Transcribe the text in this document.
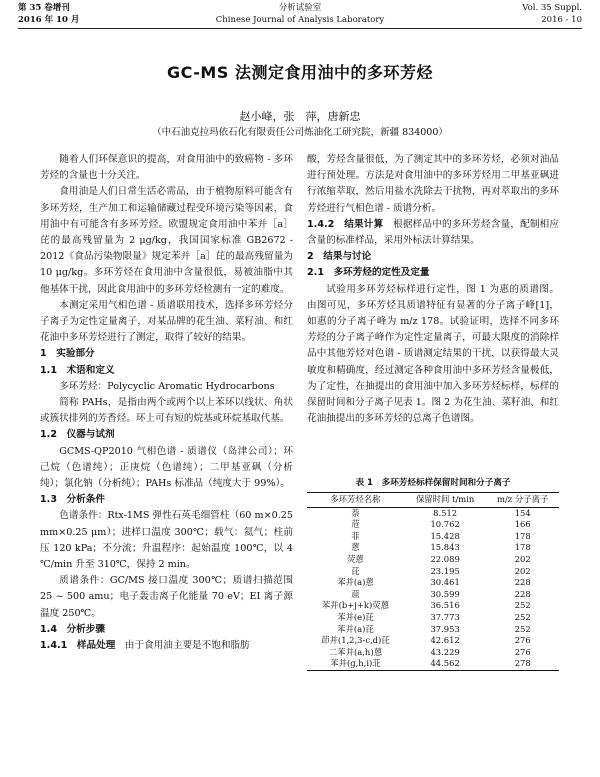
第 35 卷增刊
2016 年 10 月
分析试验室
Chinese Journal of Analysis Laboratory
Vol. 35 Suppl.
2016 - 10
GC-MS 法测定食用油中的多环芳烃
赵小峰，张　萍，唐新忠
（中石油克拉玛依石化有限责任公司炼油化工研究院，新疆 834000）

随着人们环保意识的提高，对食用油中的致癌物 - 多环芳烃的含量也十分关注。

食用油是人们日常生活必需品，由于植物原料可能含有多环芳烃，生产加工和运输储藏过程受环境污染等因素，食用油中有可能含有多环芳烃。欧盟规定食用油中苯并［a］芘的最高残留量为 2 μg/kg，我国国家标准 GB2672 - 2012《食品污染物限量》规定苯并［a］芘的最高残留量为 10 μg/kg。多环芳烃在食用油中含量很低，易被油脂中其他基体干扰，因此食用油中的多环芳烃检测有一定的难度。

本测定采用气相色谱 - 质谱联用技术，选择多环芳烃分子离子为定性定量离子，对某品牌的花生油、菜籽油、和红花油中多环芳烃进行了测定，取得了较好的结果。

1　实验部分
1.1　术语和定义

多环芳烃：Polycyclic Aromatic Hydrocarbons

简称 PAHs，是指由两个或两个以上苯环以线状、角状或簇状排列的芳香烃。环上可有短的烷基或环烷基取代基。

1.2　仪器与试剂

GCMS-QP2010 气相色谱 - 质谱仪（岛津公司）；环己烷（色谱纯）；正庚烷（色谱纯）；二甲基亚砜（分析纯）；氯化钠（分析纯）；PAHs 标准品（纯度大于 99%）。

1.3　分析条件

色谱条件：Rtx-1MS 弹性石英毛细管柱（60 m×0.25 mm×0.25 μm）；进样口温度 300℃；载气：氦气；柱前压 120 kPa；不分流；升温程序：起始温度 100℃，以 4 ℃/min 升至 310℃，保持 2 min。

质谱条件：GC/MS 接口温度 300℃；质谱扫描范围 25 ~ 500 amu；电子轰击离子化能量 70 eV；EI 离子源温度 250℃。

1.4　分析步骤

1.4.1　样品处理　 由于食用油主要是不饱和脂肪

酸，芳烃含量很低，为了测定其中的多环芳烃，必须对油品进行预处理。方法是对食用油中的多环芳烃用二甲基亚砜进行浓缩萃取，然后用盐水洗除去干扰物，再对萃取出的多环芳烃进行气相色谱 - 质谱分析。

1.4.2　结果计算　 根据样品中的多环芳烃含量，配制相应含量的标准样品，采用外标法计算结果。

2　结果与讨论
2.1　多环芳烃的定性及定量

试验用多环芳烃标样进行定性，图 1 为惠的质谱图。由图可见，多环芳烃具质谱特征有显著的分子离子峰[1]，如惠的分子离子峰为 m/z 178。试验证明，选择不同多环芳烃的分子离子峰作为定性定量离子，可最大限度的消除样品中其他芳烃对色谱 - 质谱测定结果的干扰，以获得最大灵敏度和精确度，经过测定各种食用油中多环芳烃含量极低，为了定性，在抽提出的食用油中加入多环芳烃标样，标样的保留时间和分子离子见表 1。图 2 为花生油、菜籽油、和红花油抽提出的多环芳烃的总离子色谱图。

表 1　多环芳烃标样保留时间和分子离子
多环芳烃名称	保留时间 t/min	m/z 分子离子
萘	8.512	154
苊	10.762	166
菲	15.428	178
蒽	15.843	178
荧蒽	22.089	202
芘	23.195	202
苯并(a)蒽	30.461	228
䓛	30.599	228
苯并(b+j+k)荧蒽	36.516	252
苯并(e)芘	37.773	252
苯并(a)芘	37.953	252
茚并(1,2,3-c,d)芘	42.612	276
二苯并(a,h)蒽	43.229	276
苯并(g,h,i)苝	44.562	278
